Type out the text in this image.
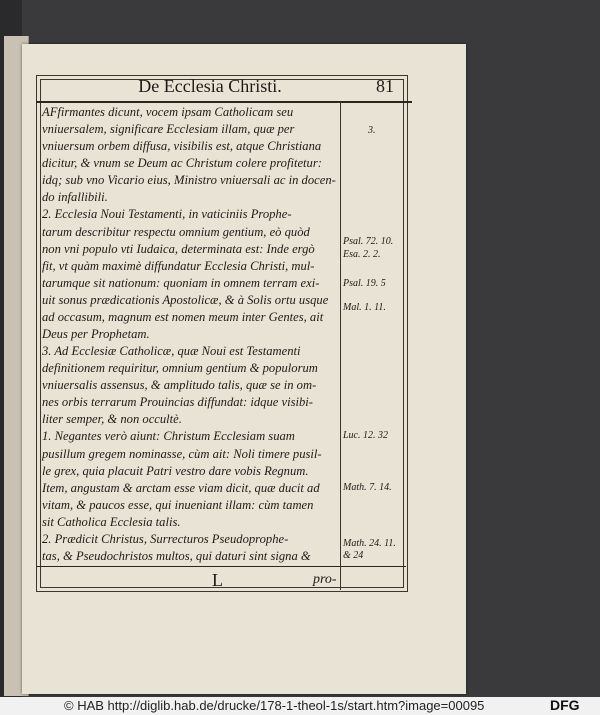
De Ecclesia Christi.	81
AFfirmantes dicunt, vocem ipsam Catholicam seu
vniuersalem, significare Ecclesiam illam, quæ per
vniuersum orbem diffusa, visibilis est, atque Christiana
dicitur, & vnum se Deum ac Christum colere profitetur:
idq; sub vno Vicario eius, Ministro vniuersali ac in docen-
do infallibili.
2. Ecclesia Noui Testamenti, in vaticiniis Prophe-
tarum describitur respectu omnium gentium, eò quòd
non vni populo vti Iudaica, determinata est: Inde ergò
fit, vt quàm maximè diffundatur Ecclesia Christi, mul-
tarumque sit nationum: quoniam in omnem terram exi-
uit sonus prædicationis Apostolicæ, & à Solis ortu usque
ad occasum, magnum est nomen meum inter Gentes, ait
Deus per Prophetam.
3. Ad Ecclesiæ Catholicæ, quæ Noui est Testamenti
definitionem requiritur, omnium gentium & populorum
vniuersalis assensus, & amplitudo talis, quæ se in om-
nes orbis terrarum Prouincias diffundat: idque visibi-
liter semper, & non occultè.
1. Negantes verò aiunt: Christum Ecclesiam suam
pusillum gregem nominasse, cùm ait: Noli timere pusil-
le grex, quia placuit Patri vestro dare vobis Regnum.
Item, angustam & arctam esse viam dicit, quæ ducit ad
vitam, & paucos esse, qui inueniant illam: cùm tamen
3.
Psal. 72. 10.
Esa. 2. 2.
Psal. 19. 5
Mal. 1. 11.
Luc. 12. 32
Math. 7. 14.
Math. 24. 11.
& 24
L	pro-
© HAB http://diglib.hab.de/drucke/178-1-theol-1s/start.htm?image=00095	DFG
sit Catholica Ecclesia talis.
2. Prædicit Christus, Surrecturos Pseudoprophe-
tas, & Pseudochristos multos, qui daturi sint signa &
